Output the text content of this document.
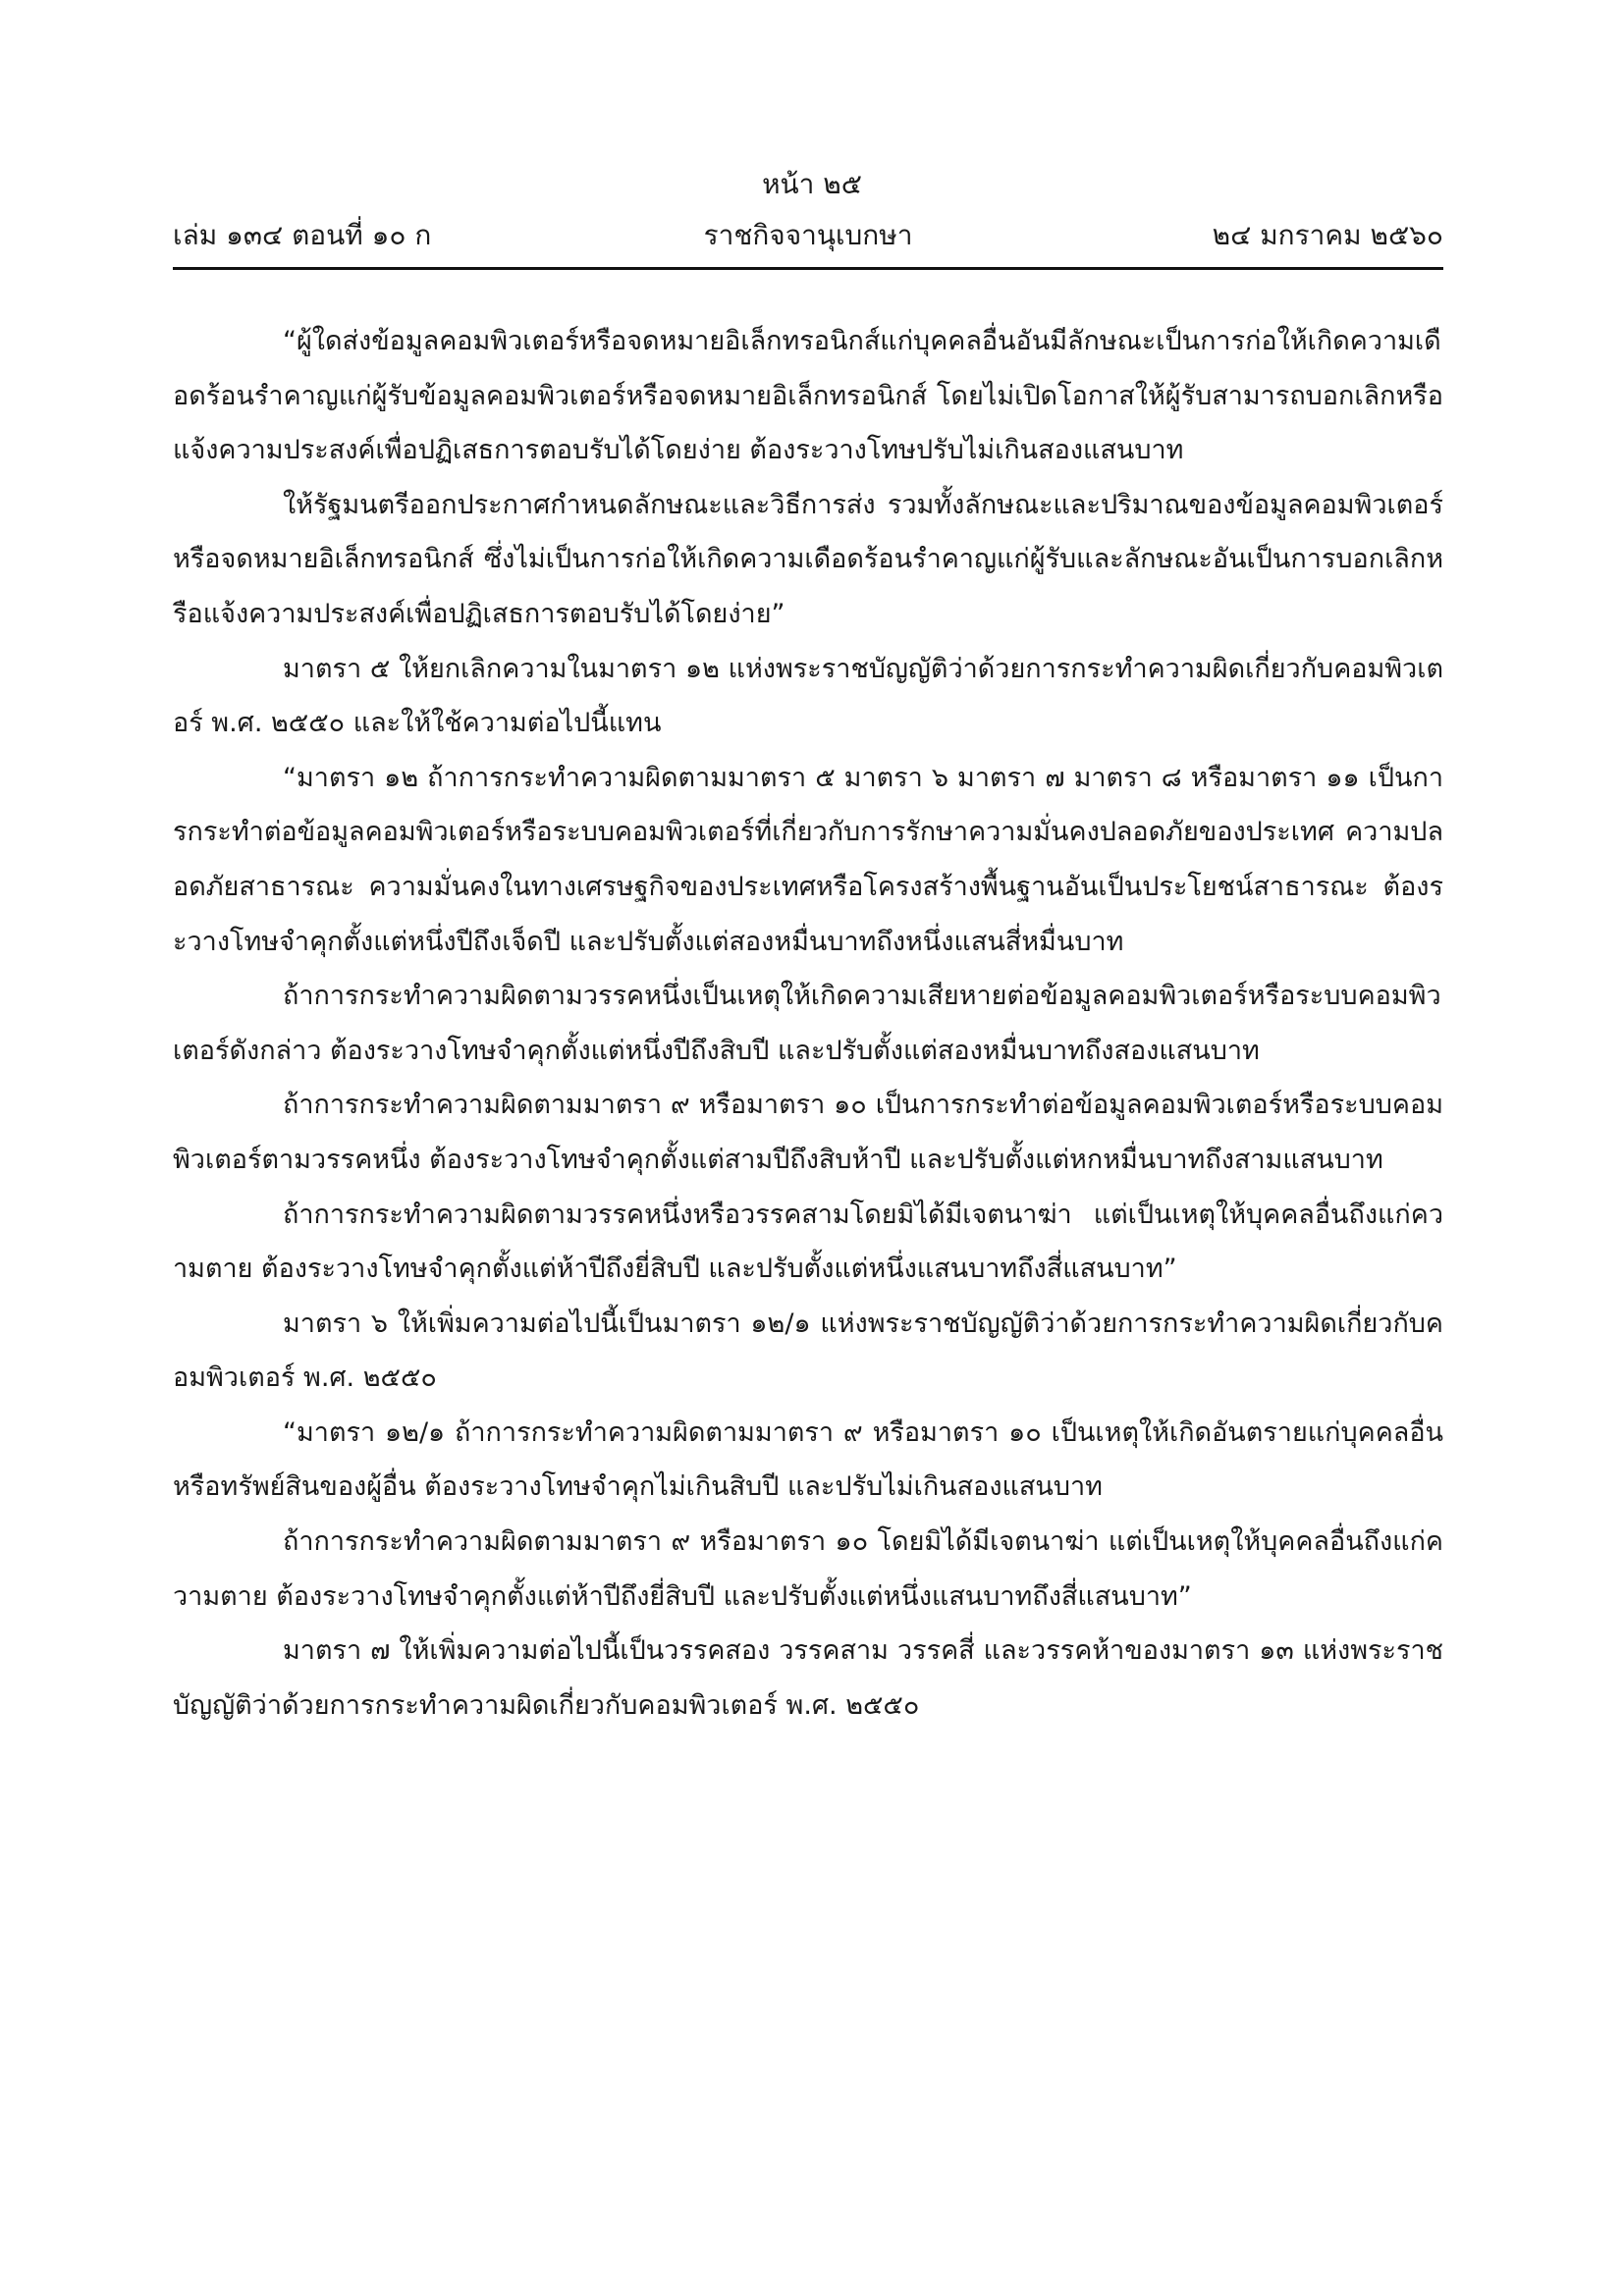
หน้า ๒๕
ราชกิจจานุเบกษา
เล่ม ๑๓๔ ตอนที่ ๑๐ ก	๒๔ มกราคม ๒๕๖๐

“ผู้ใดส่งข้อมูลคอมพิวเตอร์หรือจดหมายอิเล็กทรอนิกส์แก่บุคคลอื่นอันมีลักษณะเป็นการก่อให้เกิดความเดือดร้อนรำคาญแก่ผู้รับข้อมูลคอมพิวเตอร์หรือจดหมายอิเล็กทรอนิกส์ โดยไม่เปิดโอกาสให้ผู้รับสามารถบอกเลิกหรือแจ้งความประสงค์เพื่อปฏิเสธการตอบรับได้โดยง่าย ต้องระวางโทษปรับไม่เกินสองแสนบาท

ให้รัฐมนตรีออกประกาศกำหนดลักษณะและวิธีการส่ง รวมทั้งลักษณะและปริมาณของข้อมูลคอมพิวเตอร์หรือจดหมายอิเล็กทรอนิกส์ ซึ่งไม่เป็นการก่อให้เกิดความเดือดร้อนรำคาญแก่ผู้รับและลักษณะอันเป็นการบอกเลิกหรือแจ้งความประสงค์เพื่อปฏิเสธการตอบรับได้โดยง่าย”

มาตรา ๕ ให้ยกเลิกความในมาตรา ๑๒ แห่งพระราชบัญญัติว่าด้วยการกระทำความผิดเกี่ยวกับคอมพิวเตอร์ พ.ศ. ๒๕๕๐ และให้ใช้ความต่อไปนี้แทน

“มาตรา ๑๒ ถ้าการกระทำความผิดตามมาตรา ๕ มาตรา ๖ มาตรา ๗ มาตรา ๘ หรือมาตรา ๑๑ เป็นการกระทำต่อข้อมูลคอมพิวเตอร์หรือระบบคอมพิวเตอร์ที่เกี่ยวกับการรักษาความมั่นคงปลอดภัยของประเทศ ความปลอดภัยสาธารณะ ความมั่นคงในทางเศรษฐกิจของประเทศหรือโครงสร้างพื้นฐานอันเป็นประโยชน์สาธารณะ ต้องระวางโทษจำคุกตั้งแต่หนึ่งปีถึงเจ็ดปี และปรับตั้งแต่สองหมื่นบาทถึงหนึ่งแสนสี่หมื่นบาท

ถ้าการกระทำความผิดตามวรรคหนึ่งเป็นเหตุให้เกิดความเสียหายต่อข้อมูลคอมพิวเตอร์หรือระบบคอมพิวเตอร์ดังกล่าว ต้องระวางโทษจำคุกตั้งแต่หนึ่งปีถึงสิบปี และปรับตั้งแต่สองหมื่นบาทถึงสองแสนบาท

ถ้าการกระทำความผิดตามมาตรา ๙ หรือมาตรา ๑๐ เป็นการกระทำต่อข้อมูลคอมพิวเตอร์หรือระบบคอมพิวเตอร์ตามวรรคหนึ่ง ต้องระวางโทษจำคุกตั้งแต่สามปีถึงสิบห้าปี และปรับตั้งแต่หกหมื่นบาทถึงสามแสนบาท

ถ้าการกระทำความผิดตามวรรคหนึ่งหรือวรรคสามโดยมิได้มีเจตนาฆ่า แต่เป็นเหตุให้บุคคลอื่นถึงแก่ความตาย ต้องระวางโทษจำคุกตั้งแต่ห้าปีถึงยี่สิบปี และปรับตั้งแต่หนึ่งแสนบาทถึงสี่แสนบาท”

มาตรา ๖ ให้เพิ่มความต่อไปนี้เป็นมาตรา ๑๒/๑ แห่งพระราชบัญญัติว่าด้วยการกระทำความผิดเกี่ยวกับคอมพิวเตอร์ พ.ศ. ๒๕๕๐

“มาตรา ๑๒/๑ ถ้าการกระทำความผิดตามมาตรา ๙ หรือมาตรา ๑๐ เป็นเหตุให้เกิดอันตรายแก่บุคคลอื่นหรือทรัพย์สินของผู้อื่น ต้องระวางโทษจำคุกไม่เกินสิบปี และปรับไม่เกินสองแสนบาท

ถ้าการกระทำความผิดตามมาตรา ๙ หรือมาตรา ๑๐ โดยมิได้มีเจตนาฆ่า แต่เป็นเหตุให้บุคคลอื่นถึงแก่ความตาย ต้องระวางโทษจำคุกตั้งแต่ห้าปีถึงยี่สิบปี และปรับตั้งแต่หนึ่งแสนบาทถึงสี่แสนบาท”

มาตรา ๗ ให้เพิ่มความต่อไปนี้เป็นวรรคสอง วรรคสาม วรรคสี่ และวรรคห้าของมาตรา ๑๓ แห่งพระราชบัญญัติว่าด้วยการกระทำความผิดเกี่ยวกับคอมพิวเตอร์ พ.ศ. ๒๕๕๐
